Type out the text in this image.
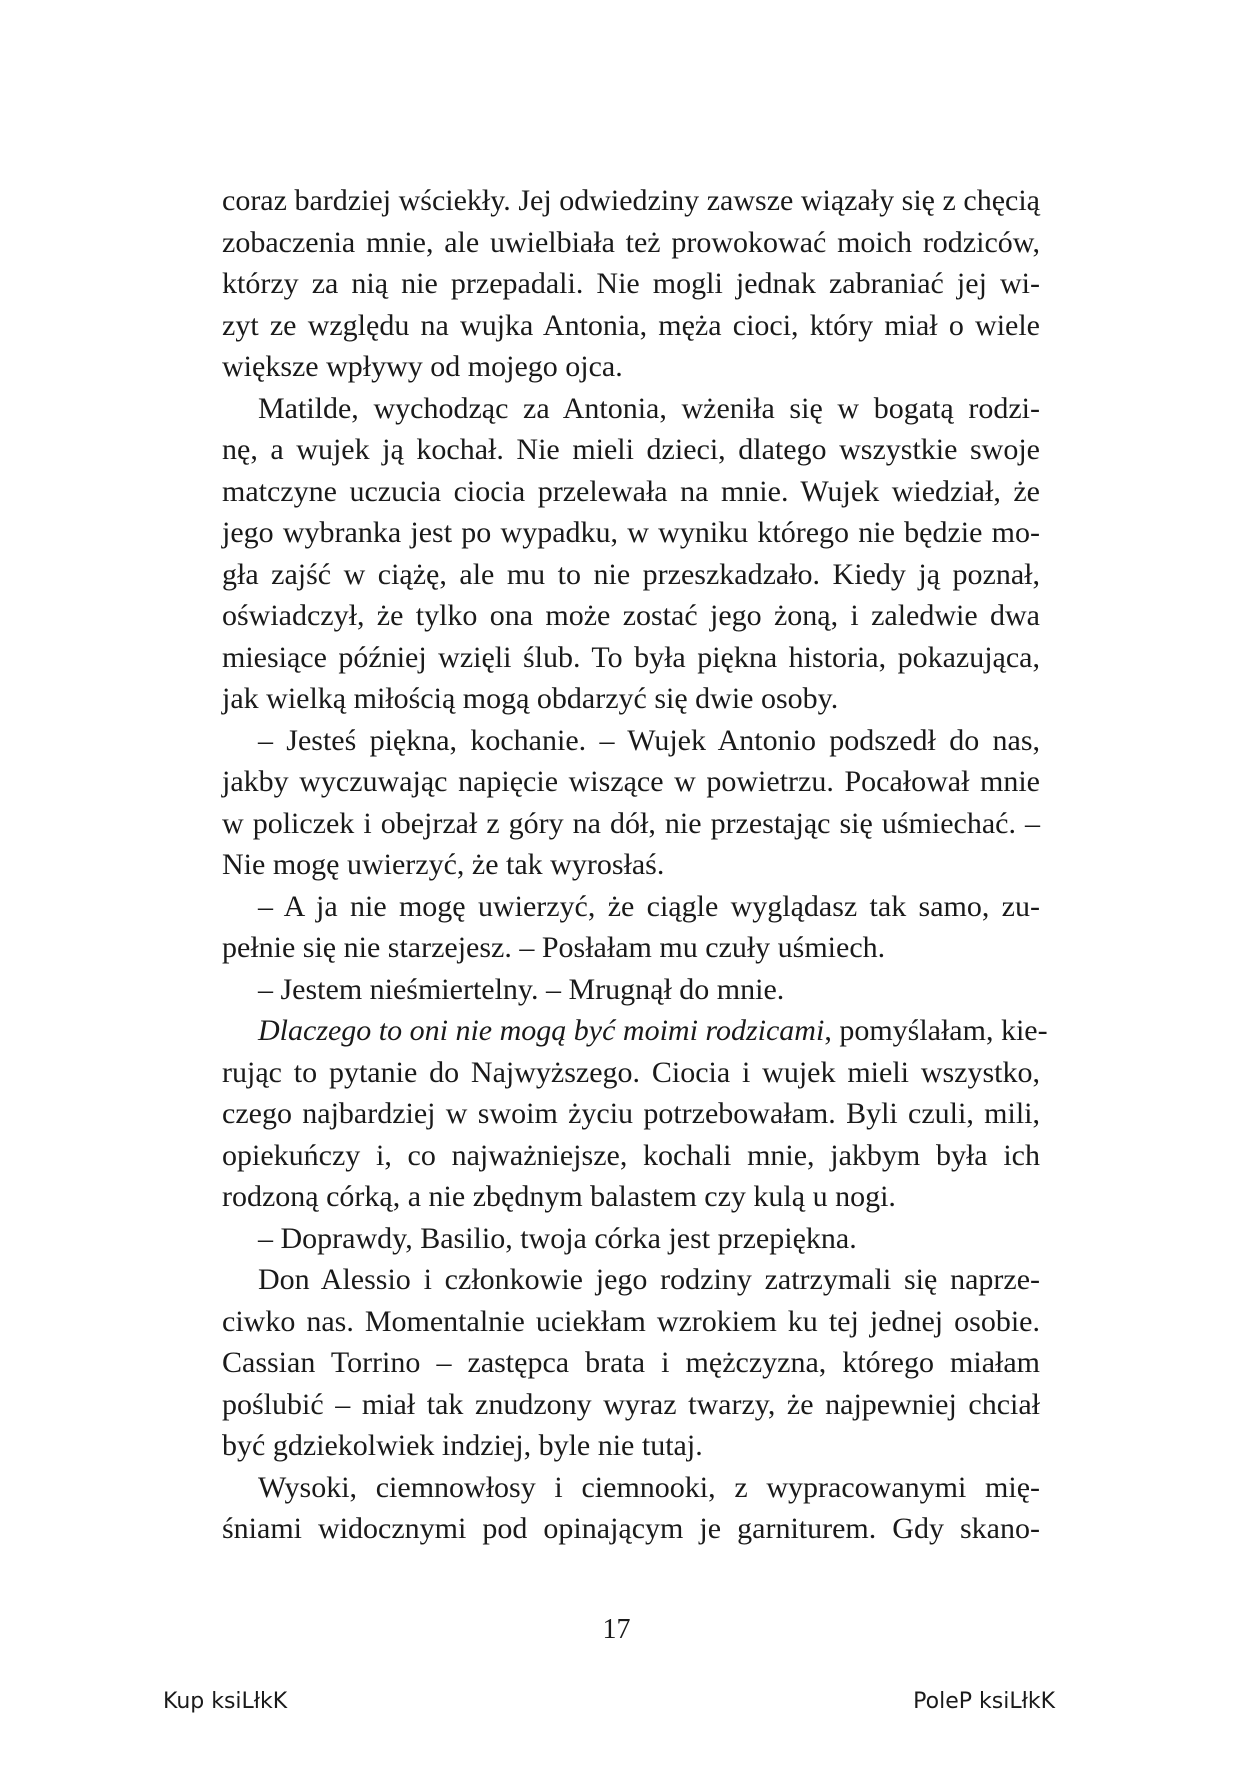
coraz bardziej wściekły. Jej odwiedziny zawsze wiązały się z chęcią
zobaczenia mnie, ale uwielbiała też prowokować moich rodziców,
którzy za nią nie przepadali. Nie mogli jednak zabraniać jej wi-
zyt ze względu na wujka Antonia, męża cioci, który miał o wiele
większe wpływy od mojego ojca.
Matilde, wychodząc za Antonia, wżeniła się w bogatą rodzi-
nę, a wujek ją kochał. Nie mieli dzieci, dlatego wszystkie swoje
matczyne uczucia ciocia przelewała na mnie. Wujek wiedział, że
jego wybranka jest po wypadku, w wyniku którego nie będzie mo-
gła zajść w ciążę, ale mu to nie przeszkadzało. Kiedy ją poznał,
oświadczył, że tylko ona może zostać jego żoną, i zaledwie dwa
miesiące później wzięli ślub. To była piękna historia, pokazująca,
jak wielką miłością mogą obdarzyć się dwie osoby.
– Jesteś piękna, kochanie. – Wujek Antonio podszedł do nas,
jakby wyczuwając napięcie wiszące w powietrzu. Pocałował mnie
w policzek i obejrzał z góry na dół, nie przestając się uśmiechać. –
Nie mogę uwierzyć, że tak wyrosłaś.
– A ja nie mogę uwierzyć, że ciągle wyglądasz tak samo, zu-
pełnie się nie starzejesz. – Posłałam mu czuły uśmiech.
– Jestem nieśmiertelny. – Mrugnął do mnie.
Dlaczego to oni nie mogą być moimi rodzicami, pomyślałam, kie-
rując to pytanie do Najwyższego. Ciocia i wujek mieli wszystko,
czego najbardziej w swoim życiu potrzebowałam. Byli czuli, mili,
opiekuńczy i, co najważniejsze, kochali mnie, jakbym była ich
rodzoną córką, a nie zbędnym balastem czy kulą u nogi.
– Doprawdy, Basilio, twoja córka jest przepiękna.
Don Alessio i członkowie jego rodziny zatrzymali się naprze-
ciwko nas. Momentalnie uciekłam wzrokiem ku tej jednej osobie.
Cassian Torrino – zastępca brata i mężczyzna, którego miałam
poślubić – miał tak znudzony wyraz twarzy, że najpewniej chciał
być gdziekolwiek indziej, byle nie tutaj.
Wysoki, ciemnowłosy i ciemnooki, z wypracowanymi mię-
śniami widocznymi pod opinającym je garniturem. Gdy skano-
17
Kup ksiLłkK	PoleP ksiLłkK
